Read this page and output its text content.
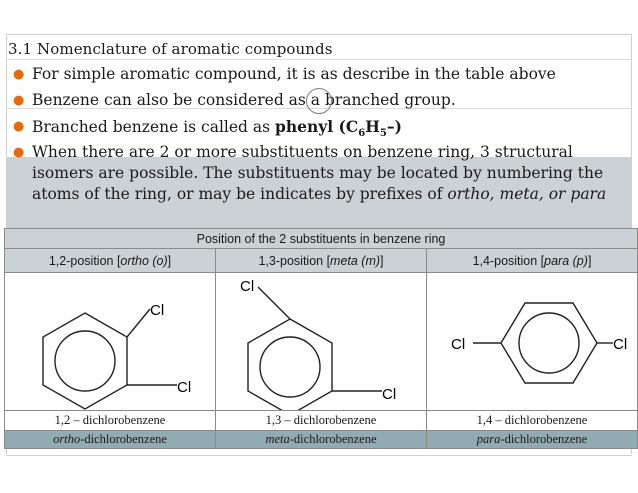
3.1 Nomenclature of aromatic compounds
● For simple aromatic compound, it is as describe in the table above
● Benzene can also be considered as a branched group.
● Branched benzene is called as phenyl $(C_6H_5-)$
● When there are 2 or more substituents on benzene ring, 3 structural
isomers are possible. The substituents may be located by numbering the
atoms of the ring, or may be indicates by prefixes of ortho, meta, or para
Position of the 2 substituents in benzene ring		
1,2-position [ortho (o)]	1,3-position [meta (m)]	1,4-position [para (p)]

Cl
Cl	Cl
Cl	Cl Cl

1,2 – dichlorobenzene	1,3 – dichlorobenzene	1,4 – dichlorobenzene
ortho-dichlorobenzene	meta-dichlorobenzene	para-dichlorobenzene
